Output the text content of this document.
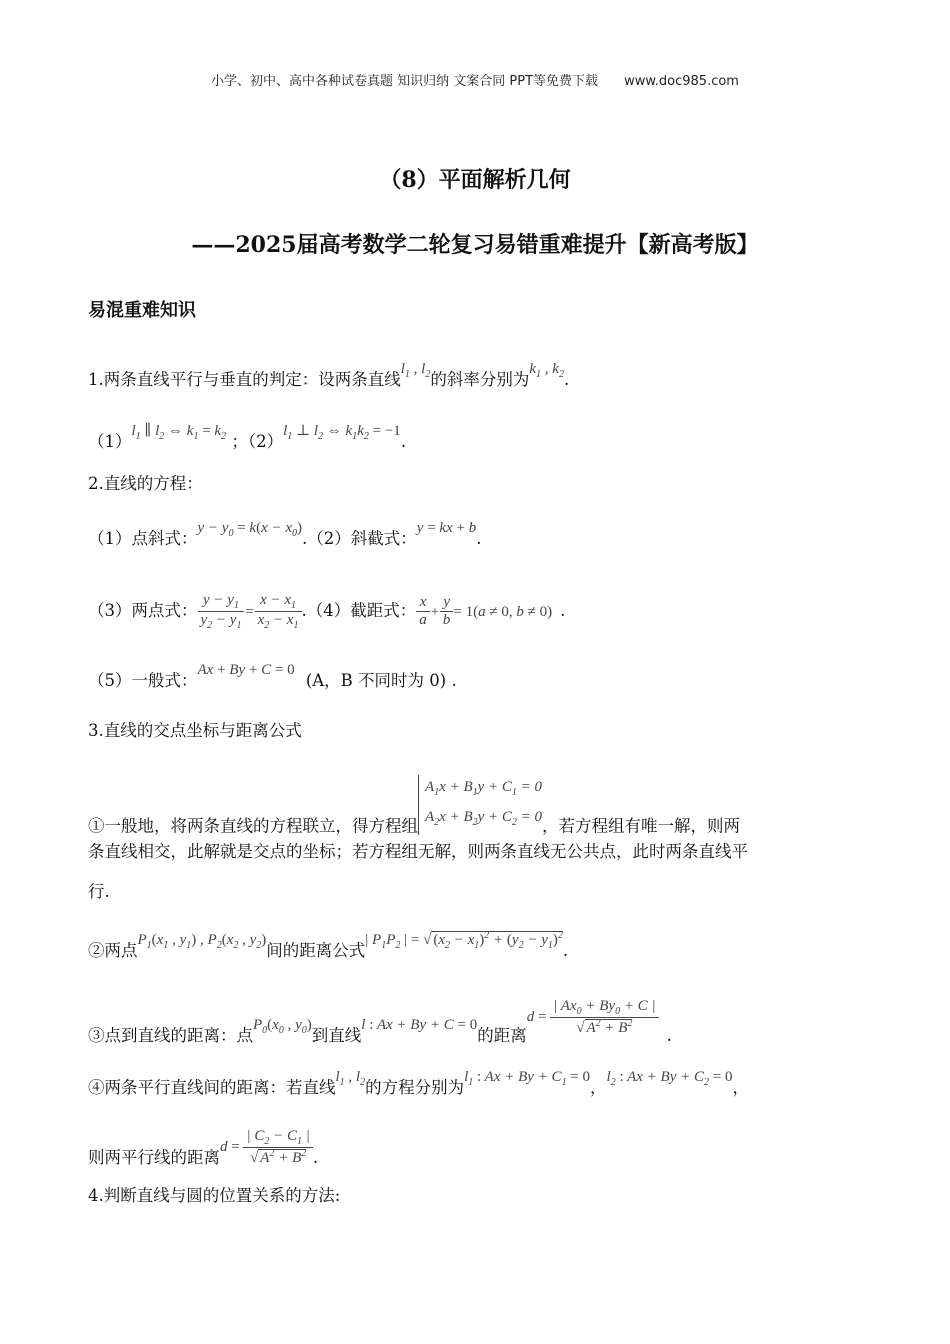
小学、初中、高中各种试卷真题 知识归纳 文案合同 PPT等免费下载 www.doc985.com
（8）平面解析几何
——2025届高考数学二轮复习易错重难提升【新高考版】
易混重难知识
1.两条直线平行与垂直的判定：设两条直线$l_1$ , $l_2$的斜率分别为$k_1$ , $k_2$.
$(1)l_1$ ∥ $l_2$ ⇔ $k_1 = k_2$ ；$(2)l_1$ ⊥ $l_2$ ⇔ $k_1k_2 = -1$.
2.直线的方程：
（1）点斜式：$y - y_0 = k(x - x_0).(2)$斜截式：y = kx + b.
（3）两点式： $\frac{y - y_1}{y_2 - y_1} = \frac{x - x_1}{x_2 - x_1} .(4)$截距式： $\frac{x}{a} + \frac{y}{b} = 1(a \ne 0$, b ≠ 0) .
（5）一般式：Ax + By + C = 0 (A，B 不同时为 0) .
3.直线的交点坐标与距离公式
①一般地，将两条直线的方程联立，得方程组$A_1x + B_1y + C_1 = 0$
$A_2x + B_2y + C_2 = 0$，若方程组有唯一解，则两
条直线相交，此解就是交点的坐标；若方程组无解，则两条直线无公共点，此时两条直线平
行.
②两点$P_1(x_1$ , $y_1$) , $P_2(x_2$ , $y_2$)间的距离公式| $P_1P_2$ | = √ $(x_2 - x_1)^2 + (y_2 - y_1)^2$.
③点到直线的距离：点$P_0(x_0$ , $y_0$)到直线l : Ax + By + C = 0的距离$d = \frac{| Ax_0 + By_0 + C |}{√ A^2 + B^2}$ .
④两条平行直线间的距离：若直线$l_1$ , $l_2$的方程分别为$l_1$ : $Ax + By + C_1 = 0$，$l_2$ : $Ax + By + C_2 = 0$，
则两平行线的距离$d = \frac{| C_2 - C_1 |}{√ A^2 + B^2}$ .
4.判断直线与圆的位置关系的方法:
